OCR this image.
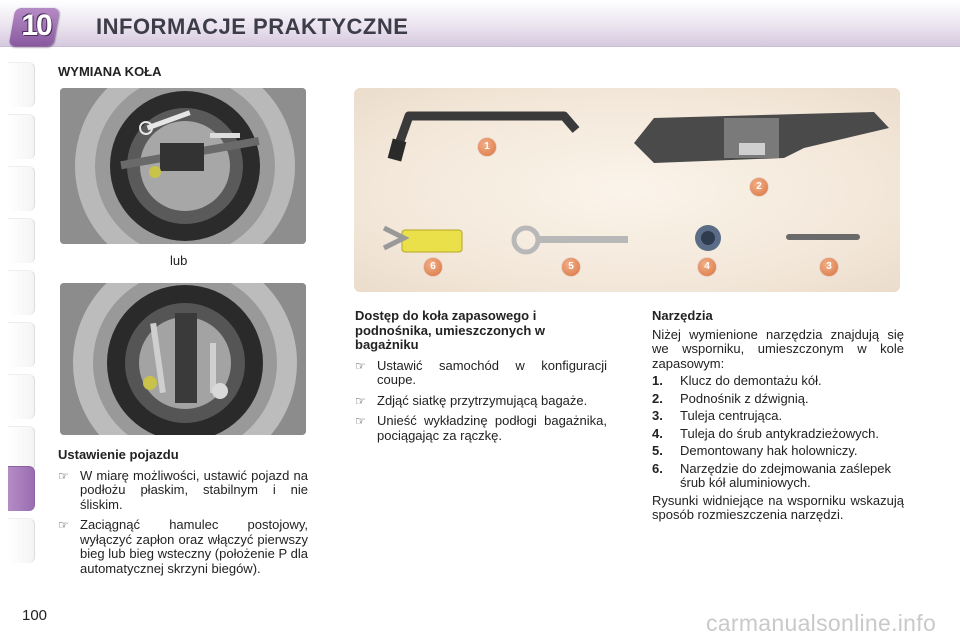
10	INFORMACJE PRAKTYCZNE
WYMIANA KOŁA
lub
1
2
3
4
5
6
Ustawienie pojazdu
☞ W miarę możliwości, ustawić pojazd na podłożu płaskim, stabilnym i nie śliskim.
☞ Zaciągnąć hamulec postojowy, wyłączyć zapłon oraz włączyć pierwszy bieg lub bieg wsteczny (położenie P dla automatycznej skrzyni biegów).
Dostęp do koła zapasowego i podnośnika, umieszczonych w bagażniku
☞ Ustawić samochód w konfiguracji coupe.
☞ Zdjąć siatkę przytrzymującą bagaże.
☞ Unieść wykładzinę podłogi bagażnika, pociągając za rączkę.
Narzędzia
Niżej wymienione narzędzia znajdują się we wsporniku, umieszczonym w kole zapasowym:
1.	Klucz do demontażu kół.
2.	Podnośnik z dźwignią.
3.	Tuleja centrująca.
4.	Tuleja do śrub antykradzieżowych.
5.	Demontowany hak holowniczy.
6.	Narzędzie do zdejmowania zaślepek śrub kół aluminiowych.
Rysunki widniejące na wsporniku wskazują sposób rozmieszczenia narzędzi.
100	carmanualsonline.info
